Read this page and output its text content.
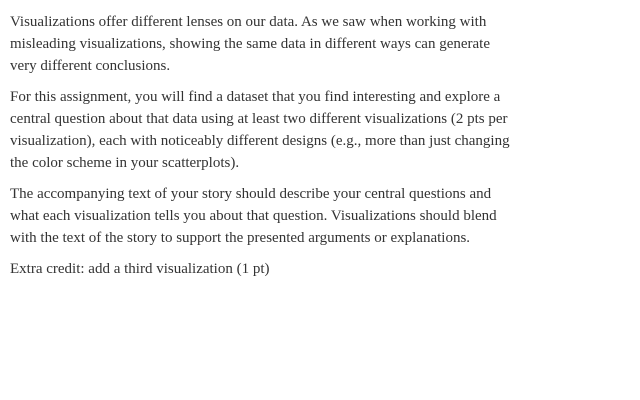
Visualizations offer different lenses on our data. As we saw when working with
misleading visualizations, showing the same data in different ways can generate
very different conclusions.

For this assignment, you will find a dataset that you find interesting and explore a
central question about that data using at least two different visualizations (2 pts per
visualization), each with noticeably different designs (e.g., more than just changing
the color scheme in your scatterplots).

The accompanying text of your story should describe your central questions and
what each visualization tells you about that question. Visualizations should blend
with the text of the story to support the presented arguments or explanations.

Extra credit: add a third visualization (1 pt)
